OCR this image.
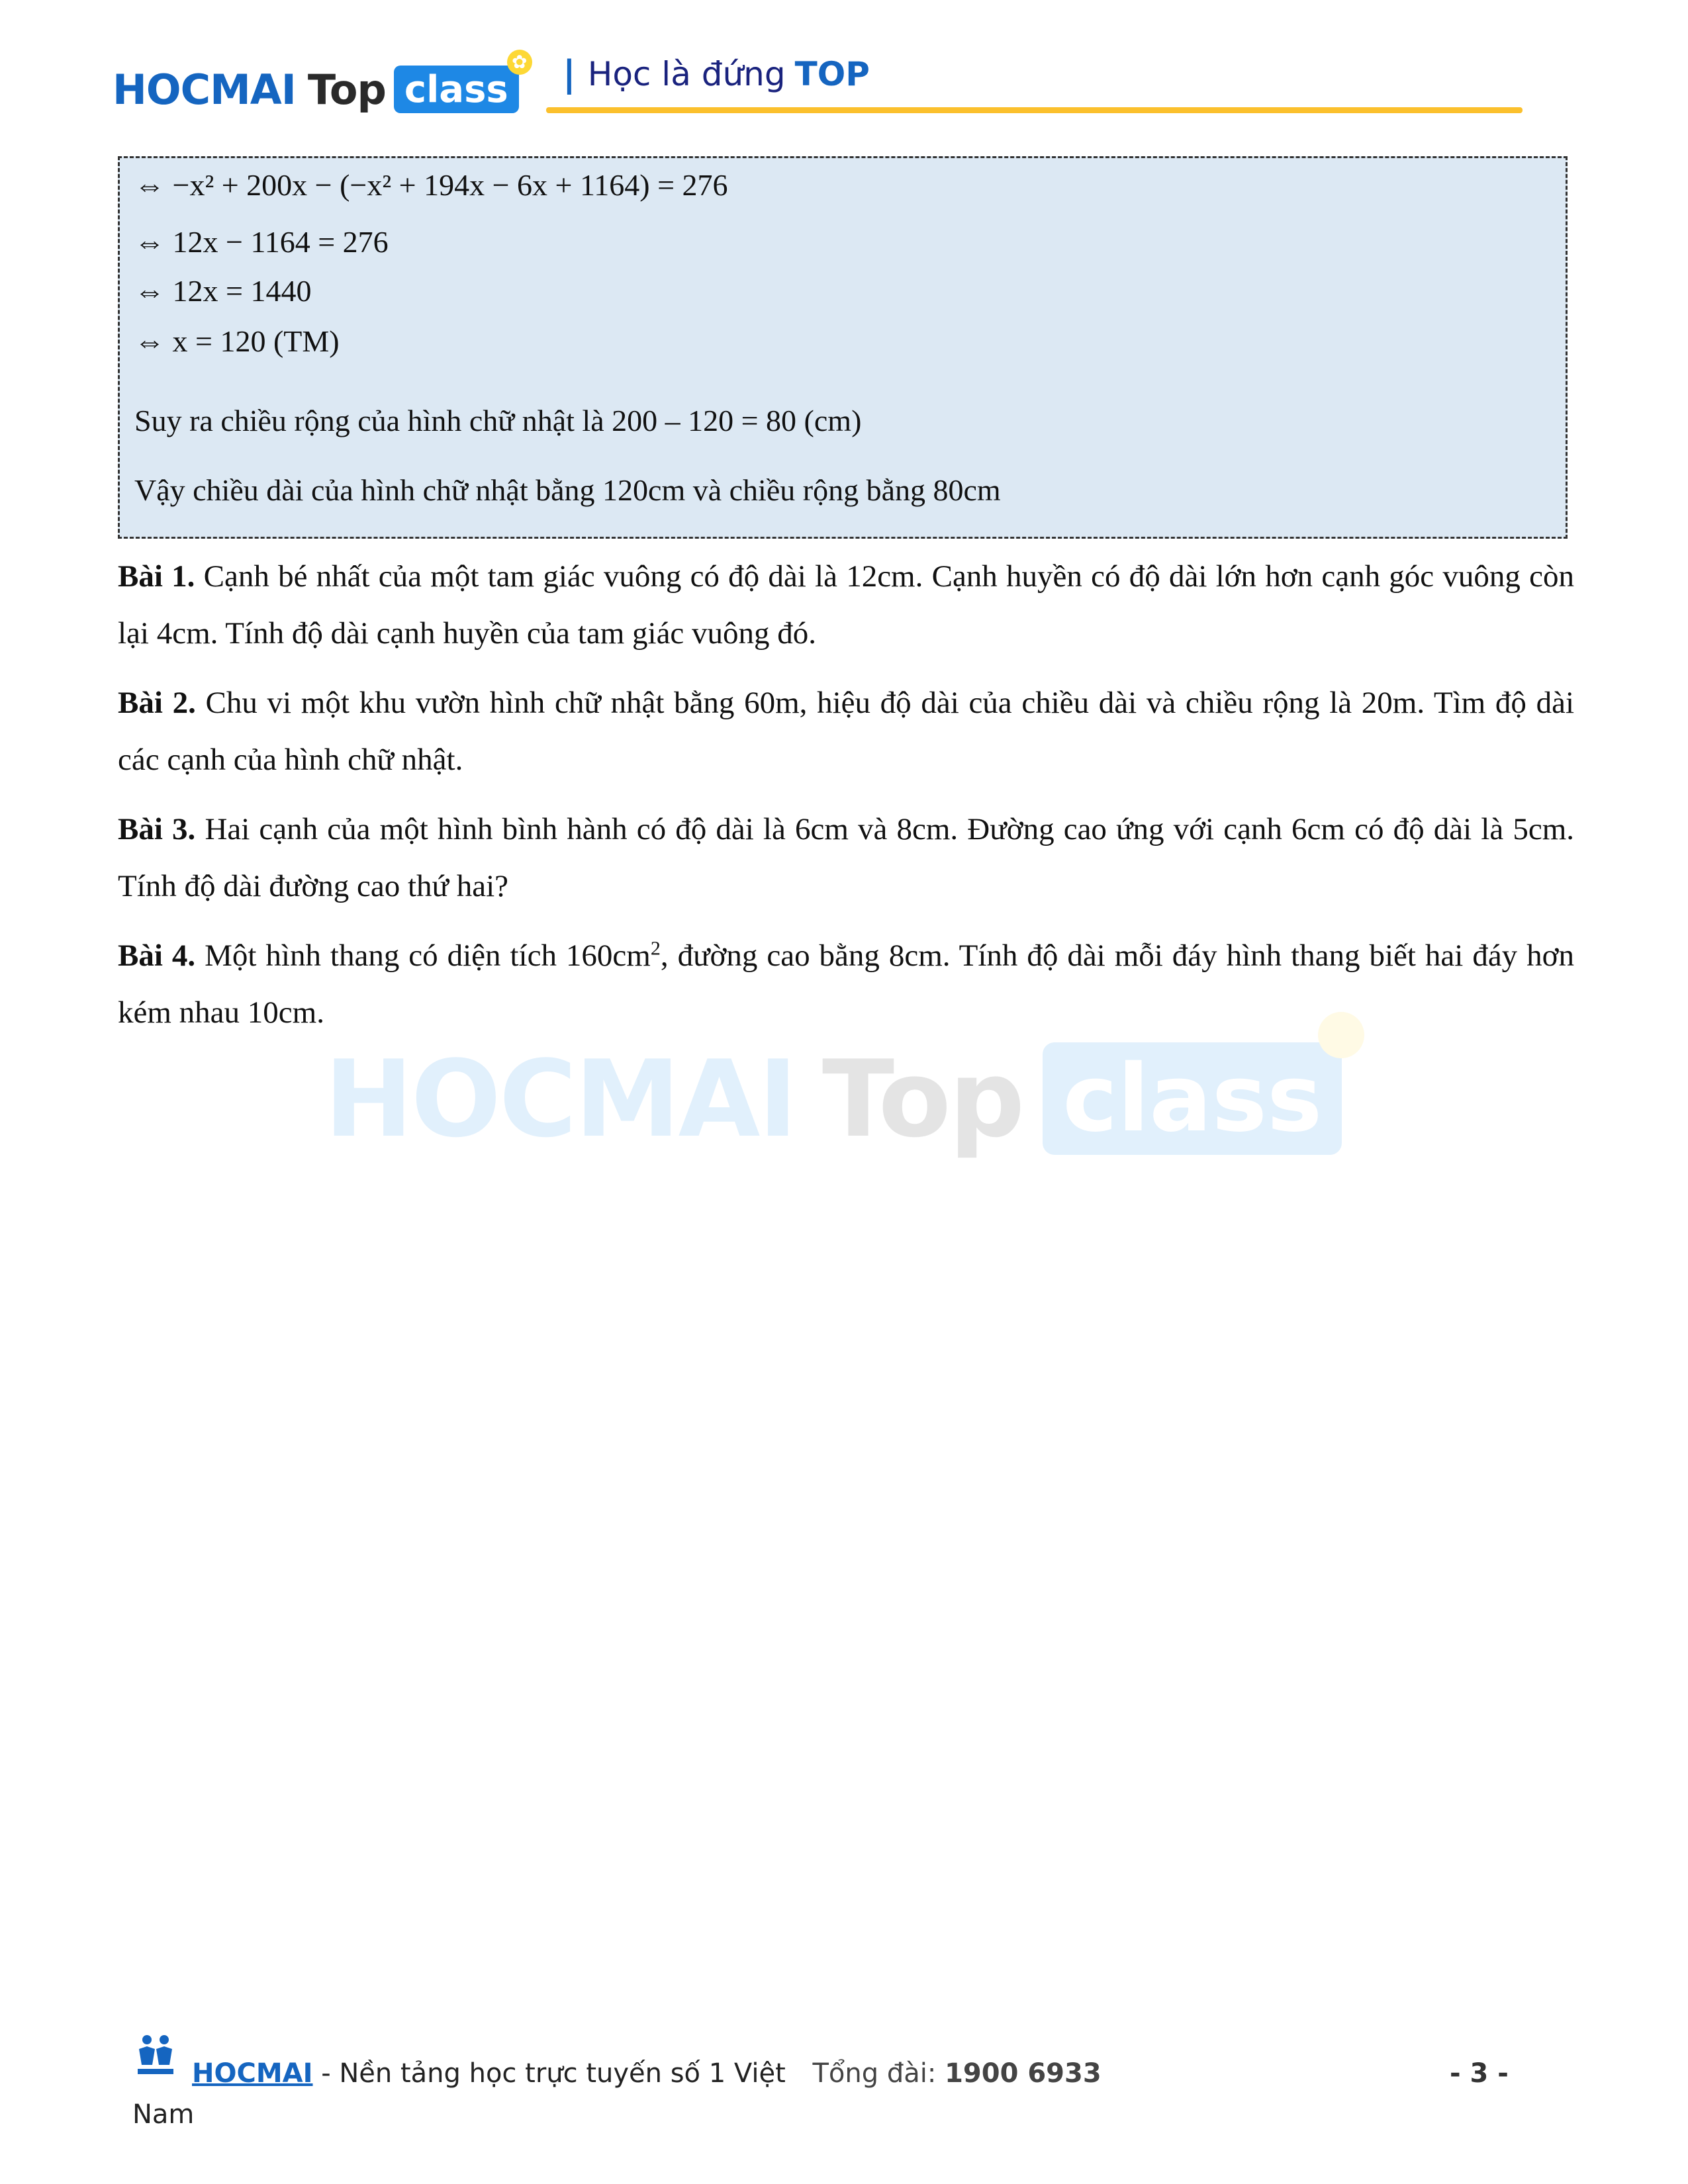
HOCMAI Top class
✿ | Học là đứng TOP
⇔ −x² + 200x − (−x² + 194x − 6x + 1164) = 276
⇔ 12x − 1164 = 276
⇔ 12x = 1440
⇔ x = 120 (TM)
Suy ra chiều rộng của hình chữ nhật là 200 – 120 = 80 (cm)
Vậy chiều dài của hình chữ nhật bằng 120cm và chiều rộng bằng 80cm
Bài 1. Cạnh bé nhất của một tam giác vuông có độ dài là 12cm. Cạnh huyền có độ dài lớn hơn cạnh góc vuông còn lại 4cm. Tính độ dài cạnh huyền của tam giác vuông đó.
Bài 2. Chu vi một khu vườn hình chữ nhật bằng 60m, hiệu độ dài của chiều dài và chiều rộng là 20m. Tìm độ dài các cạnh của hình chữ nhật.
Bài 3. Hai cạnh của một hình bình hành có độ dài là 6cm và 8cm. Đường cao ứng với cạnh 6cm có độ dài là 5cm. Tính độ dài đường cao thứ hai?
Bài 4. Một hình thang có diện tích $160cm^2$, đường cao bằng 8cm. Tính độ dài mỗi đáy hình thang biết hai đáy hơn kém nhau 10cm.
HOCMAI Top class
HOCMAI - Nền tảng học trực tuyến số 1 Việt Tổng đài: 1900 6933	- 3 -
Nam
